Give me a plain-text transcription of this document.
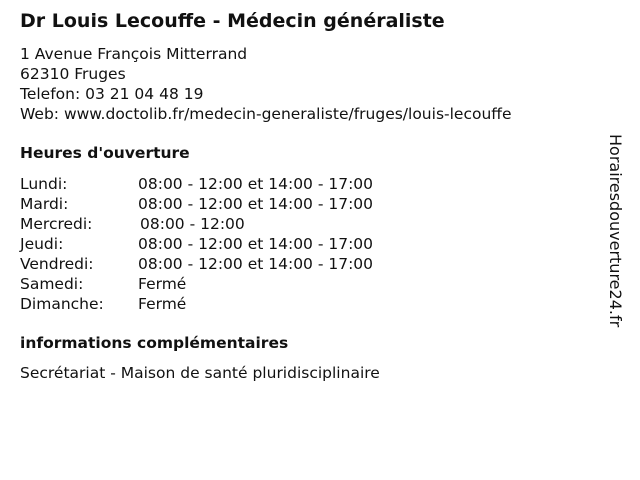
Dr Louis Lecouffe - Médecin généraliste
1 Avenue François Mitterrand
62310 Fruges
Telefon: 03 21 04 48 19
Web: www.doctolib.fr/medecin-generaliste/fruges/louis-lecouffe
Heures d'ouverture
Lundi:	08:00 - 12:00 et 14:00 - 17:00
Mardi:	08:00 - 12:00 et 14:00 - 17:00
Mercredi:	08:00 - 12:00
Jeudi:	08:00 - 12:00 et 14:00 - 17:00
Vendredi:	08:00 - 12:00 et 14:00 - 17:00
Samedi:	Fermé
Dimanche:	Fermé
informations complémentaires
Secrétariat - Maison de santé pluridisciplinaire
Horairesdouverture24.fr
